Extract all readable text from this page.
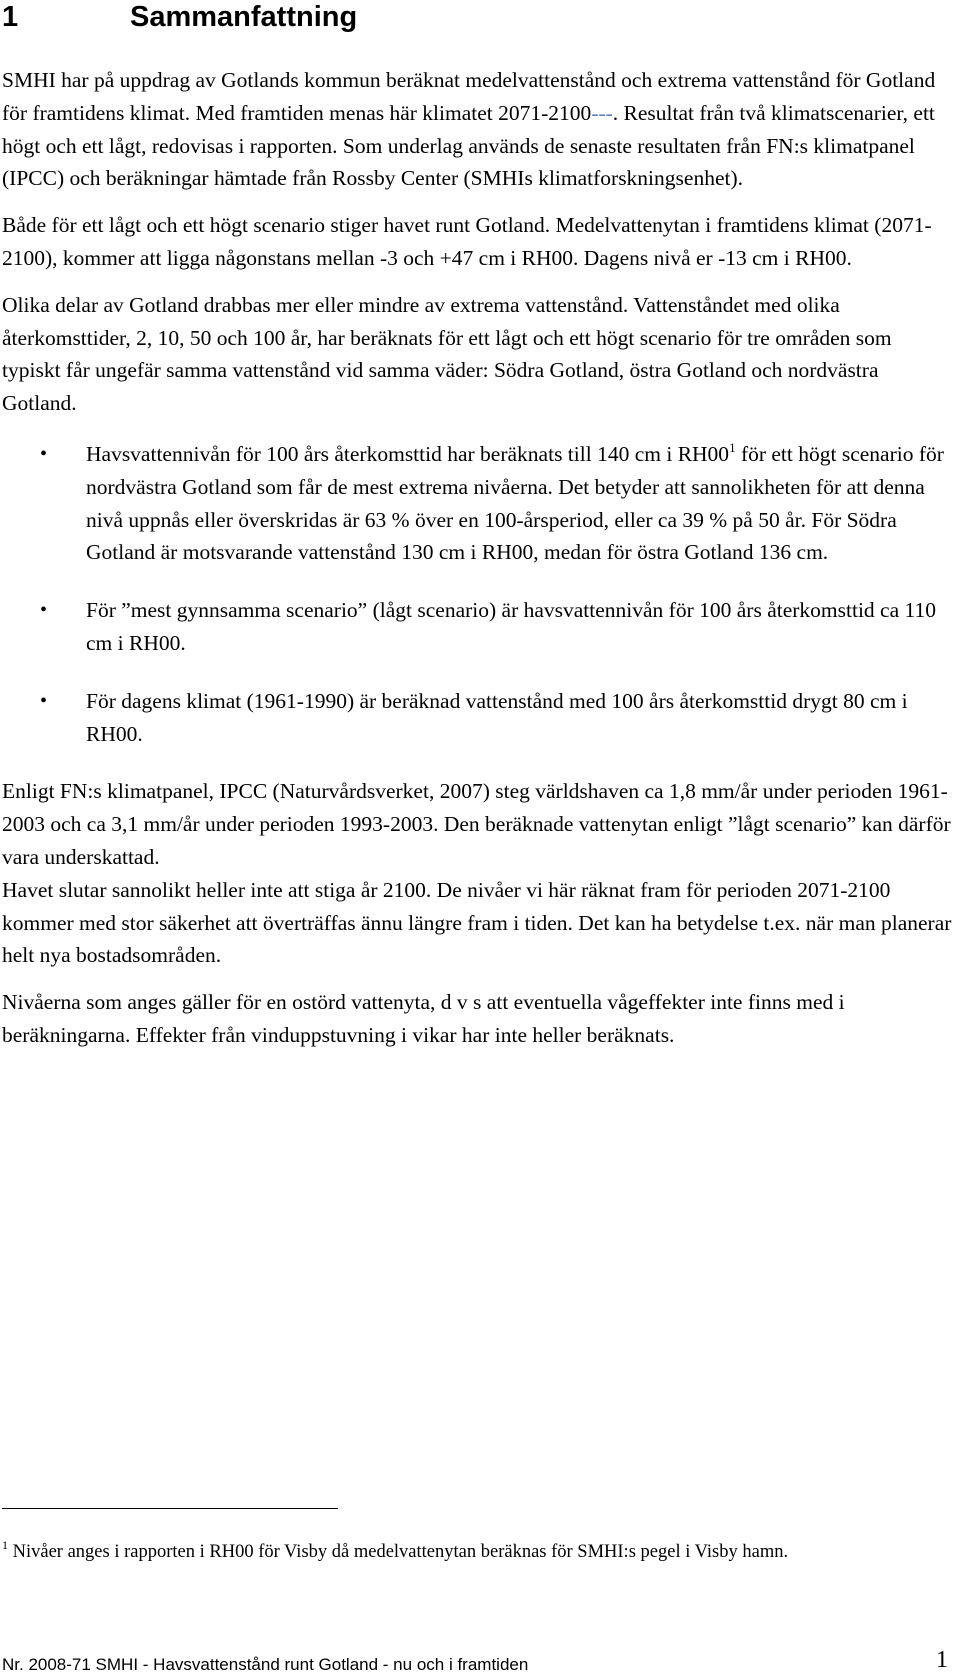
1	Sammanfattning

SMHI har på uppdrag av Gotlands kommun beräknat medelvattenstånd och extrema vattenstånd för Gotland för framtidens klimat. Med framtiden menas här klimatet 2071-2100---. Resultat från två klimatscenarier, ett högt och ett lågt, redovisas i rapporten. Som underlag används de senaste resultaten från FN:s klimatpanel (IPCC) och beräkningar hämtade från Rossby Center (SMHIs klimatforskningsenhet).

Både för ett lågt och ett högt scenario stiger havet runt Gotland. Medelvattenytan i framtidens klimat (2071-2100), kommer att ligga någonstans mellan -3 och +47 cm i RH00. Dagens nivå er -13 cm i RH00.

Olika delar av Gotland drabbas mer eller mindre av extrema vattenstånd. Vattenståndet med olika återkomsttider, 2, 10, 50 och 100 år, har beräknats för ett lågt och ett högt scenario för tre områden som typiskt får ungefär samma vattenstånd vid samma väder: Södra Gotland, östra Gotland och nordvästra Gotland.

• Havsvattennivån för 100 års återkomsttid har beräknats till 140 cm i $RH00^1$ för ett högt scenario för nordvästra Gotland som får de mest extrema nivåerna. Det betyder att sannolikheten för att denna nivå uppnås eller överskridas är 63 % över en 100-årsperiod, eller ca 39 % på 50 år. För Södra Gotland är motsvarande vattenstånd 130 cm i RH00, medan för östra Gotland 136 cm.
• För ”mest gynnsamma scenario” (lågt scenario) är havsvattennivån för 100 års återkomsttid ca 110 cm i RH00.
• För dagens klimat (1961-1990) är beräknad vattenstånd med 100 års återkomsttid drygt 80 cm i RH00.

Enligt FN:s klimatpanel, IPCC (Naturvårdsverket, 2007) steg världshaven ca 1,8 mm/år under perioden 1961-2003 och ca 3,1 mm/år under perioden 1993-2003. Den beräknade vattenytan enligt ”lågt scenario” kan därför vara underskattad.

Havet slutar sannolikt heller inte att stiga år 2100. De nivåer vi här räknat fram för perioden 2071-2100 kommer med stor säkerhet att överträffas ännu längre fram i tiden. Det kan ha betydelse t.ex. när man planerar helt nya bostadsområden.

Nivåerna som anges gäller för en ostörd vattenyta, d v s att eventuella vågeffekter inte finns med i beräkningarna. Effekter från vinduppstuvning i vikar har inte heller beräknats.

$^1$ Nivåer anges i rapporten i RH00 för Visby då medelvattenytan beräknas för SMHI:s pegel i Visby hamn.
Nr. 2008-71 SMHI - Havsvattenstånd runt Gotland - nu och i framtiden	1
